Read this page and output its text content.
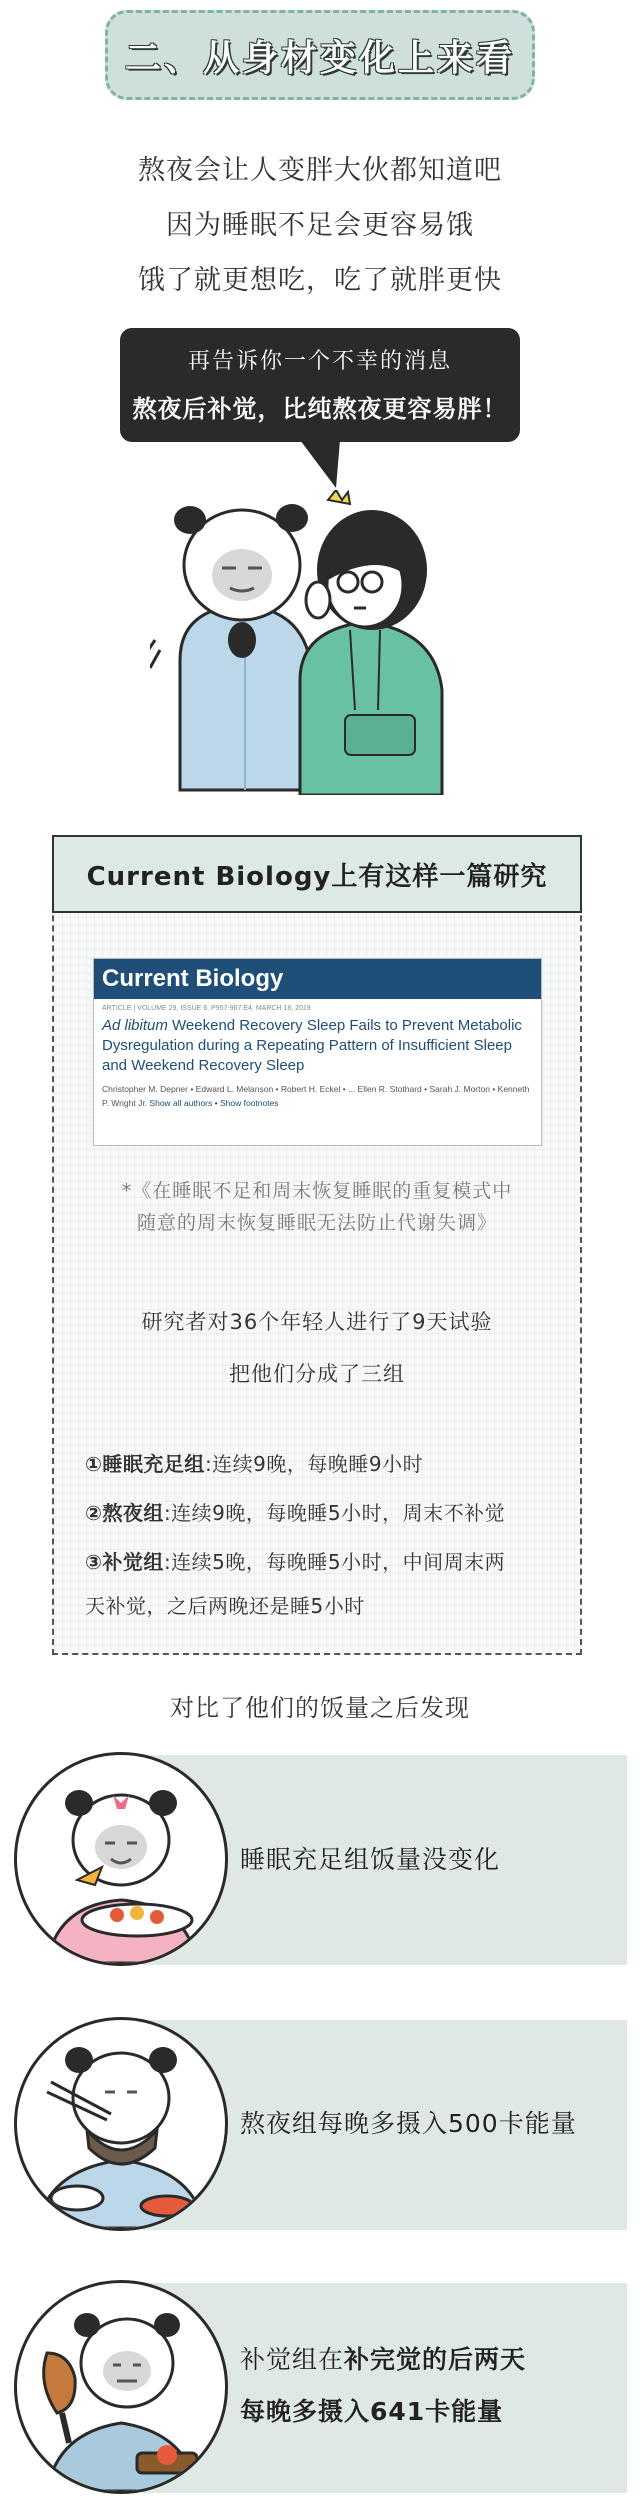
二、从身材变化上来看
熬夜会让人变胖大伙都知道吧
因为睡眠不足会更容易饿
饿了就更想吃，吃了就胖更快
再告诉你一个不幸的消息
熬夜后补觉，比纯熬夜更容易胖！
Current Biology上有这样一篇研究
Current Biology
ARTICLE | VOLUME 29, ISSUE 6, P957-967.E4, MARCH 18, 2019
Ad libitum Weekend Recovery Sleep Fails to Prevent Metabolic Dysregulation during a Repeating Pattern of Insufficient Sleep and Weekend Recovery Sleep
Christopher M. Depner • Edward L. Melanson • Robert H. Eckel • ... Ellen R. Stothard • Sarah J. Morton • Kenneth P. Wright Jr. Show all authors • Show footnotes
*《在睡眠不足和周末恢复睡眠的重复模式中
随意的周末恢复睡眠无法防止代谢失调》
研究者对36个年轻人进行了9天试验
把他们分成了三组
①睡眠充足组:连续9晚，每晚睡9小时
②熬夜组:连续9晚，每晚睡5小时，周末不补觉
③补觉组:连续5晚，每晚睡5小时，中间周末两
天补觉，之后两晚还是睡5小时
对比了他们的饭量之后发现
睡眠充足组饭量没变化
熬夜组每晚多摄入500卡能量
补觉组在补完觉的后两天
每晚多摄入641卡能量
